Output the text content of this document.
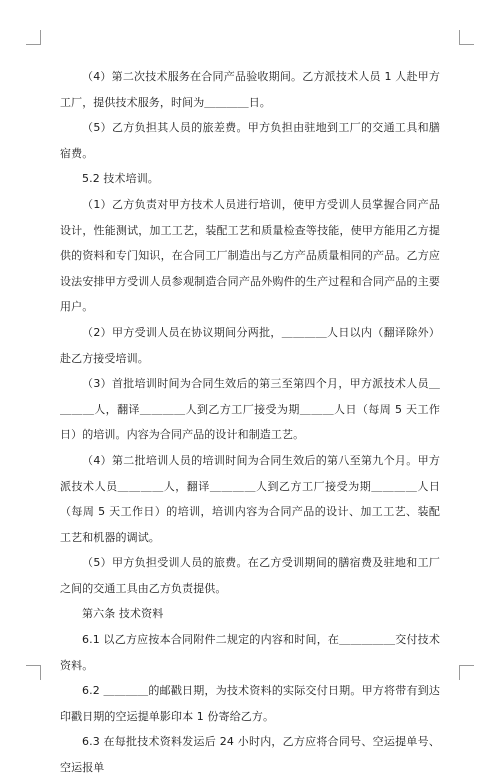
（4）第二次技术服务在合同产品验收期间。乙方派技术人员 1 人赴甲方工厂，提供技术服务，时间为＿＿＿＿日。

（5）乙方负担其人员的旅差费。甲方负担由驻地到工厂的交通工具和膳宿费。

5.2 技术培训。

（1）乙方负责对甲方技术人员进行培训，使甲方受训人员掌握合同产品设计，性能测试，加工工艺，装配工艺和质量检查等技能，使甲方能用乙方提供的资料和专门知识，在合同工厂制造出与乙方产品质量相同的产品。乙方应设法安排甲方受训人员参观制造合同产品外购件的生产过程和合同产品的主要用户。

（2）甲方受训人员在协议期间分两批，＿＿＿＿人日以内（翻译除外）赴乙方接受培训。

（3）首批培训时间为合同生效后的第三至第四个月，甲方派技术人员＿＿＿＿人，翻译＿＿＿＿人到乙方工厂接受为期＿＿＿人日（每周 5 天工作日）的培训。内容为合同产品的设计和制造工艺。

（4）第二批培训人员的培训时间为合同生效后的第八至第九个月。甲方派技术人员＿＿＿＿人，翻译＿＿＿＿人到乙方工厂接受为期＿＿＿＿人日（每周 5 天工作日）的培训，培训内容为合同产品的设计、加工工艺、装配工艺和机器的调试。

（5）甲方负担受训人员的旅费。在乙方受训期间的膳宿费及驻地和工厂之间的交通工具由乙方负责提供。

第六条 技术资料

6.1 以乙方应按本合同附件二规定的内容和时间，在＿＿＿＿＿交付技术资料。

6.2 ＿＿＿＿的邮戳日期，为技术资料的实际交付日期。甲方将带有到达印戳日期的空运提单影印本 1 份寄给乙方。

6.3 在每批技术资料发运后 24 小时内，乙方应将合同号、空运提单号、空运报单
